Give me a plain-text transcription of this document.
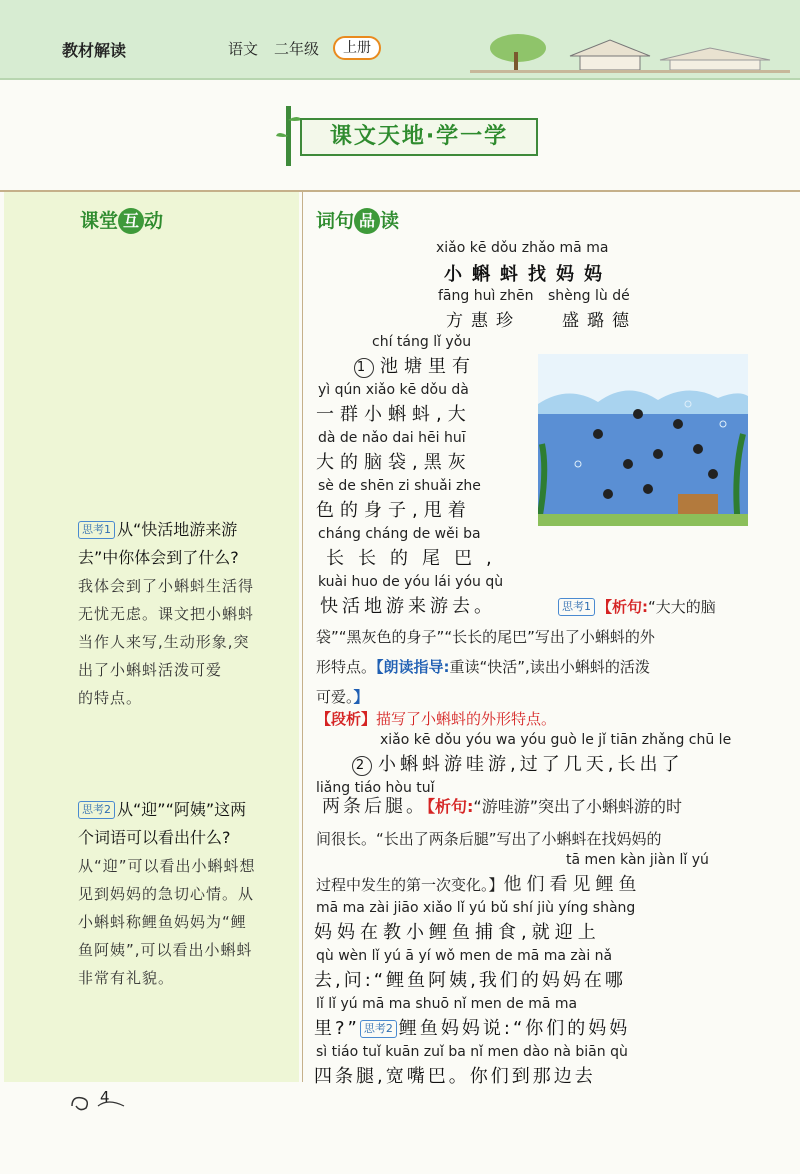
教材解读	语文 二年级	上册
课文天地·学一学
课堂 互 动
思考1 从“快活地游来游
去”中你体会到了什么?
我体会到了小蝌蚪生活得
无忧无虑。课文把小蝌蚪
当作人来写,生动形象,突
出了小蝌蚪活泼可爱
的特点。
思考2 从“迎”“阿姨”这两
个词语可以看出什么?
从“迎”可以看出小蝌蚪想
见到妈妈的急切心情。从
小蝌蚪称鲤鱼妈妈为“鲤
鱼阿姨”,可以看出小蝌蚪
非常有礼貌。
词句 品 读
xiǎo kē dǒu zhǎo mā ma
小蝌蚪找妈妈
fāng huì zhēn shèng lù dé
方惠珍 盛璐德
chí táng lǐ yǒu
1 池塘里有
yì qún xiǎo kē dǒu dà
一群小蝌蚪,大
dà de nǎo dai hēi huī
大的脑袋,黑灰
sè de shēn zi shuǎi zhe
色的身子,甩着
cháng cháng de wěi ba
长长的尾巴,
kuài huo de yóu lái yóu qù
快活地游来游去。	思考1 【析句:“大大的脑
袋”“黑灰色的身子”“长长的尾巴”写出了小蝌蚪的外
形特点。【朗读指导:重读“快活”,读出小蝌蚪的活泼
可爱。】
【段析】描写了小蝌蚪的外形特点。
xiǎo kē dǒu yóu wa yóu guò le jǐ tiān zhǎng chū le
2 小蝌蚪游哇游,过了几天,长出了
liǎng tiáo hòu tuǐ
两条后腿。【析句:“游哇游”突出了小蝌蚪游的时
间很长。“长出了两条后腿”写出了小蝌蚪在找妈妈的
tā men kàn jiàn lǐ yú
过程中发生的第一次变化。】他们看见鲤鱼
mā ma zài jiāo xiǎo lǐ yú bǔ shí jiù yíng shàng
妈妈在教小鲤鱼捕食,就迎上
qù wèn lǐ yú ā yí wǒ men de mā ma zài nǎ
去,问:“鲤鱼阿姨,我们的妈妈在哪
lǐ lǐ yú mā ma shuō nǐ men de mā ma
里?” 思考2 鲤鱼妈妈说:“你们的妈妈
sì tiáo tuǐ kuān zuǐ ba nǐ men dào nà biān qù
四条腿,宽嘴巴。你们到那边去
4
